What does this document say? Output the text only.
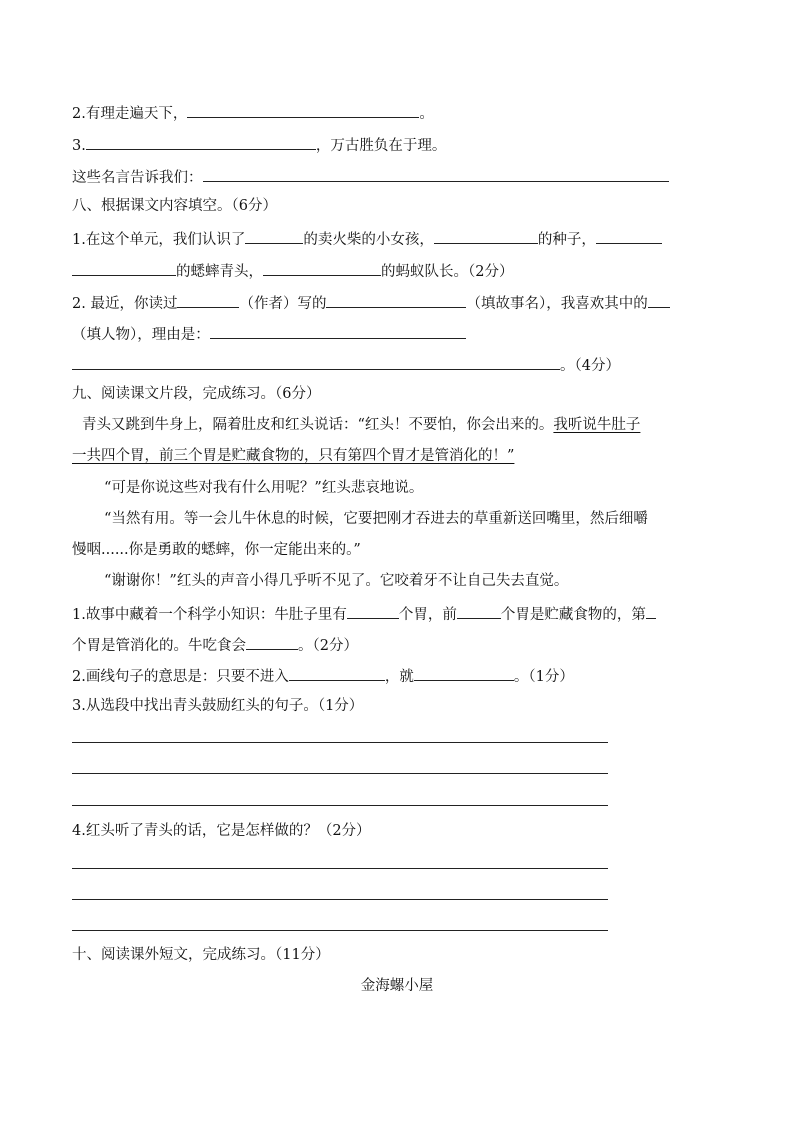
2.有理走遍天下，	。
3.	，万古胜负在于理。
这些名言告诉我们：
八、根据课文内容填空。（6分）
1.在这个单元，我们认识了	的卖火柴的小女孩，	的种子，
的蟋蟀青头，	的蚂蚁队长。（2分）
2. 最近，你读过	（作者）写的	（填故事名），我喜欢其中的
（填人物），理由是：
。（4分）
九、阅读课文片段，完成练习。（6分）
青头又跳到牛身上，隔着肚皮和红头说话：“红头！不要怕，你会出来的。我听说牛肚子
一共四个胃，前三个胃是贮藏食物的，只有第四个胃才是管消化的！”
“可是你说这些对我有什么用呢？”红头悲哀地说。
“当然有用。等一会儿牛休息的时候，它要把刚才吞进去的草重新送回嘴里，然后细嚼
慢咽......你是勇敢的蟋蟀，你一定能出来的。”
“谢谢你！”红头的声音小得几乎听不见了。它咬着牙不让自己失去直觉。
1.故事中藏着一个科学小知识：牛肚子里有	个胃，前	个胃是贮藏食物的，第
个胃是管消化的。牛吃食会	。（2分）
2.画线句子的意思是：只要不进入	，就	。（1分）
3.从选段中找出青头鼓励红头的句子。（1分）
4.红头听了青头的话，它是怎样做的？（2分）
十、阅读课外短文，完成练习。（11分）
金海螺小屋
